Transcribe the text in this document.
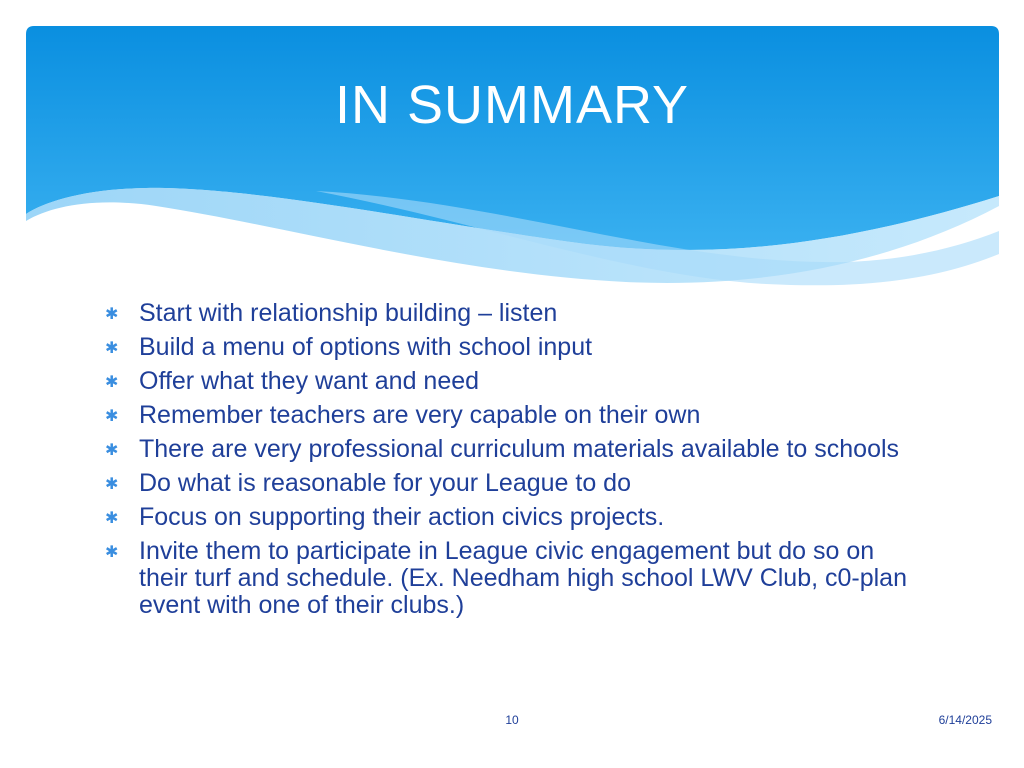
IN SUMMARY
✱ Start with relationship building – listen
✱ Build a menu of options with school input
✱ Offer what they want and need
✱ Remember teachers are very capable on their own
✱ There are very professional curriculum materials available to schools
✱ Do what is reasonable for your League to do
✱ Focus on supporting their action civics projects.
✱ Invite them to participate in League civic engagement but do so on their turf and schedule. (Ex. Needham high school LWV Club, c0-plan event with one of their clubs.)
10	6/14/2025
